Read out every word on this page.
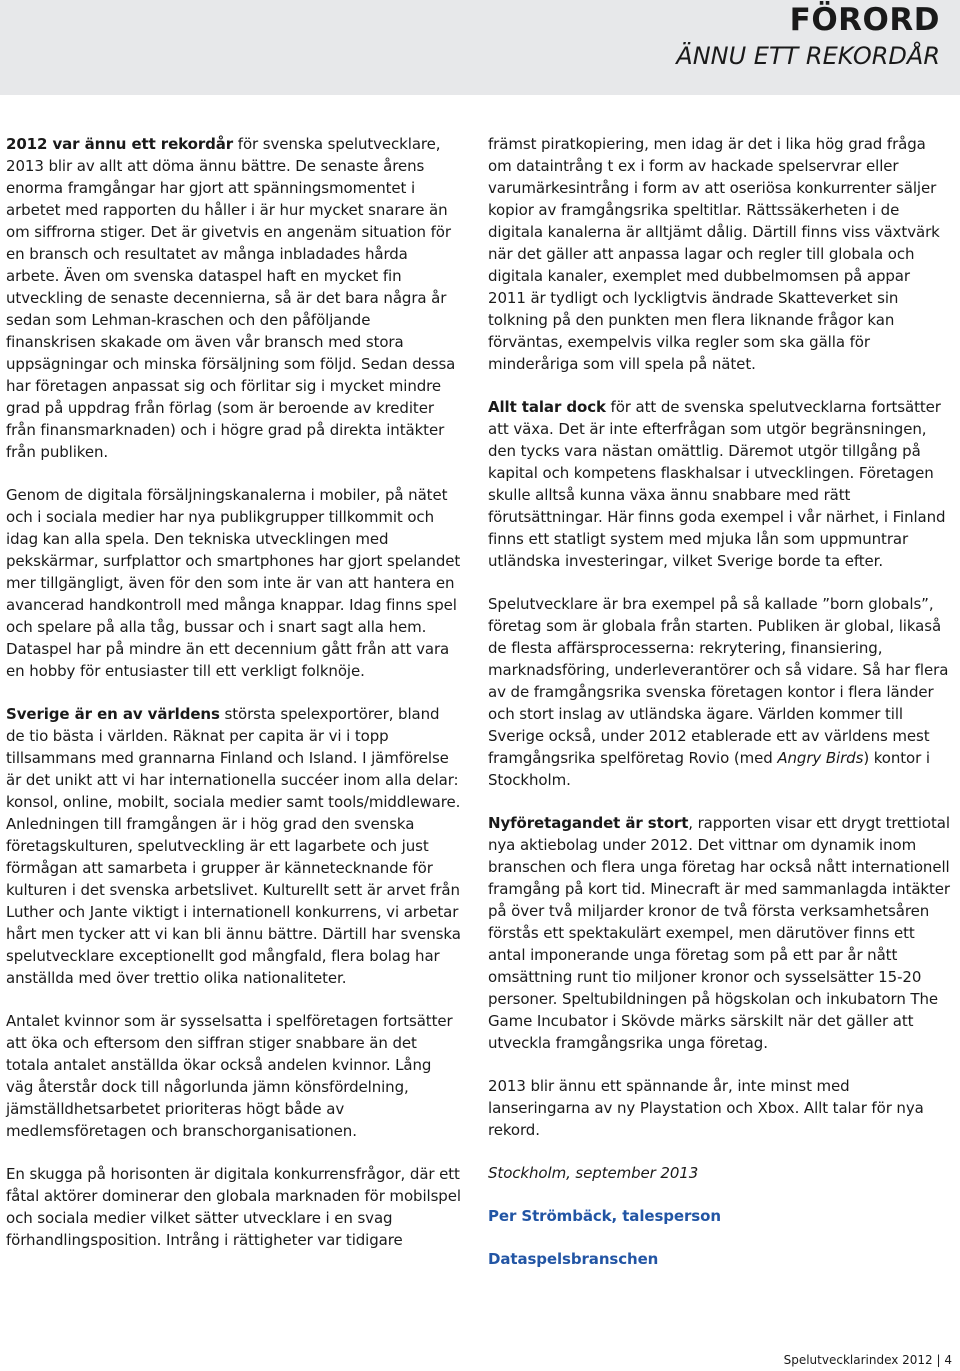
FÖRORD
ÄNNU ETT REKORDÅR

2012 var ännu ett rekordår för svenska spelutvecklare, 2013 blir av allt att döma ännu bättre. De senaste årens enorma framgångar har gjort att spänningsmomentet i arbetet med rapporten du håller i är hur mycket snarare än om siffrorna stiger. Det är givetvis en angenäm situation för en bransch och resultatet av många inbladades hårda arbete. Även om svenska dataspel haft en mycket fin utveckling de senaste decennierna, så är det bara några år sedan som Lehman-kraschen och den påföljande finanskrisen skakade om även vår bransch med stora uppsägningar och minska försäljning som följd. Sedan dessa har företagen anpassat sig och förlitar sig i mycket mindre grad på uppdrag från förlag (som är beroende av krediter från finansmarknaden) och i högre grad på direkta intäkter från publiken.

Genom de digitala försäljningskanalerna i mobiler, på nätet och i sociala medier har nya publikgrupper tillkommit och idag kan alla spela. Den tekniska utvecklingen med pekskärmar, surfplattor och smartphones har gjort spelandet mer tillgängligt, även för den som inte är van att hantera en avancerad handkontroll med många knappar. Idag finns spel och spelare på alla tåg, bussar och i snart sagt alla hem. Dataspel har på mindre än ett decennium gått från att vara en hobby för entusiaster till ett verkligt folknöje.

Sverige är en av världens största spelexportörer, bland de tio bästa i världen. Räknat per capita är vi i topp tillsammans med grannarna Finland och Island. I jämförelse är det unikt att vi har internationella succéer inom alla delar: konsol, online, mobilt, sociala medier samt tools/middleware. Anledningen till framgången är i hög grad den svenska företagskulturen, spelutveckling är ett lagarbete och just förmågan att samarbeta i grupper är kännetecknande för kulturen i det svenska arbetslivet. Kulturellt sett är arvet från Luther och Jante viktigt i internationell konkurrens, vi arbetar hårt men tycker att vi kan bli ännu bättre. Därtill har svenska spelutvecklare exceptionellt god mångfald, flera bolag har anställda med över trettio olika nationaliteter.

Antalet kvinnor som är sysselsatta i spelföretagen fortsätter att öka och eftersom den siffran stiger snabbare än det totala antalet anställda ökar också andelen kvinnor. Lång väg återstår dock till någorlunda jämn könsfördelning, jämställdhetsarbetet prioriteras högt både av medlemsföretagen och branschorganisationen.

En skugga på horisonten är digitala konkurrensfrågor, där ett fåtal aktörer dominerar den globala marknaden för mobilspel och sociala medier vilket sätter utvecklare i en svag förhandlingsposition. Intrång i rättigheter var tidigare

främst piratkopiering, men idag är det i lika hög grad fråga om dataintrång t ex i form av hackade spelservrar eller varumärkesintrång i form av att oseriösa konkurrenter säljer kopior av framgångsrika speltitlar. Rättssäkerheten i de digitala kanalerna är alltjämt dålig. Därtill finns viss växtvärk när det gäller att anpassa lagar och regler till globala och digitala kanaler, exemplet med dubbelmomsen på appar 2011 är tydligt och lyckligtvis ändrade Skatteverket sin tolkning på den punkten men flera liknande frågor kan förväntas, exempelvis vilka regler som ska gälla för minderåriga som vill spela på nätet.

Allt talar dock för att de svenska spelutvecklarna fortsätter att växa. Det är inte efterfrågan som utgör begränsningen, den tycks vara nästan omättlig. Däremot utgör tillgång på kapital och kompetens flaskhalsar i utvecklingen. Företagen skulle alltså kunna växa ännu snabbare med rätt förutsättningar. Här finns goda exempel i vår närhet, i Finland finns ett statligt system med mjuka lån som uppmuntrar utländska investeringar, vilket Sverige borde ta efter.

Spelutvecklare är bra exempel på så kallade ”born globals”, företag som är globala från starten. Publiken är global, likaså de flesta affärsprocesserna: rekrytering, finansiering, marknadsföring, underleverantörer och så vidare. Så har flera av de framgångsrika svenska företagen kontor i flera länder och stort inslag av utländska ägare. Världen kommer till Sverige också, under 2012 etablerade ett av världens mest framgångsrika spelföretag Rovio (med Angry Birds) kontor i Stockholm.

Nyföretagandet är stort, rapporten visar ett drygt trettiotal nya aktiebolag under 2012. Det vittnar om dynamik inom branschen och flera unga företag har också nått internationell framgång på kort tid. Minecraft är med sammanlagda intäkter på över två miljarder kronor de två första verksamhetsåren förstås ett spektakulärt exempel, men därutöver finns ett antal imponerande unga företag som på ett par år nått omsättning runt tio miljoner kronor och sysselsätter 15-20 personer. Speltubildningen på högskolan och inkubatorn The Game Incubator i Skövde märks särskilt när det gäller att utveckla framgångsrika unga företag.

2013 blir ännu ett spännande år, inte minst med lanseringarna av ny Playstation och Xbox. Allt talar för nya rekord.

Stockholm, september 2013

Per Strömbäck, talesperson

Dataspelsbranschen

Spelutvecklarindex 2012 | 4
